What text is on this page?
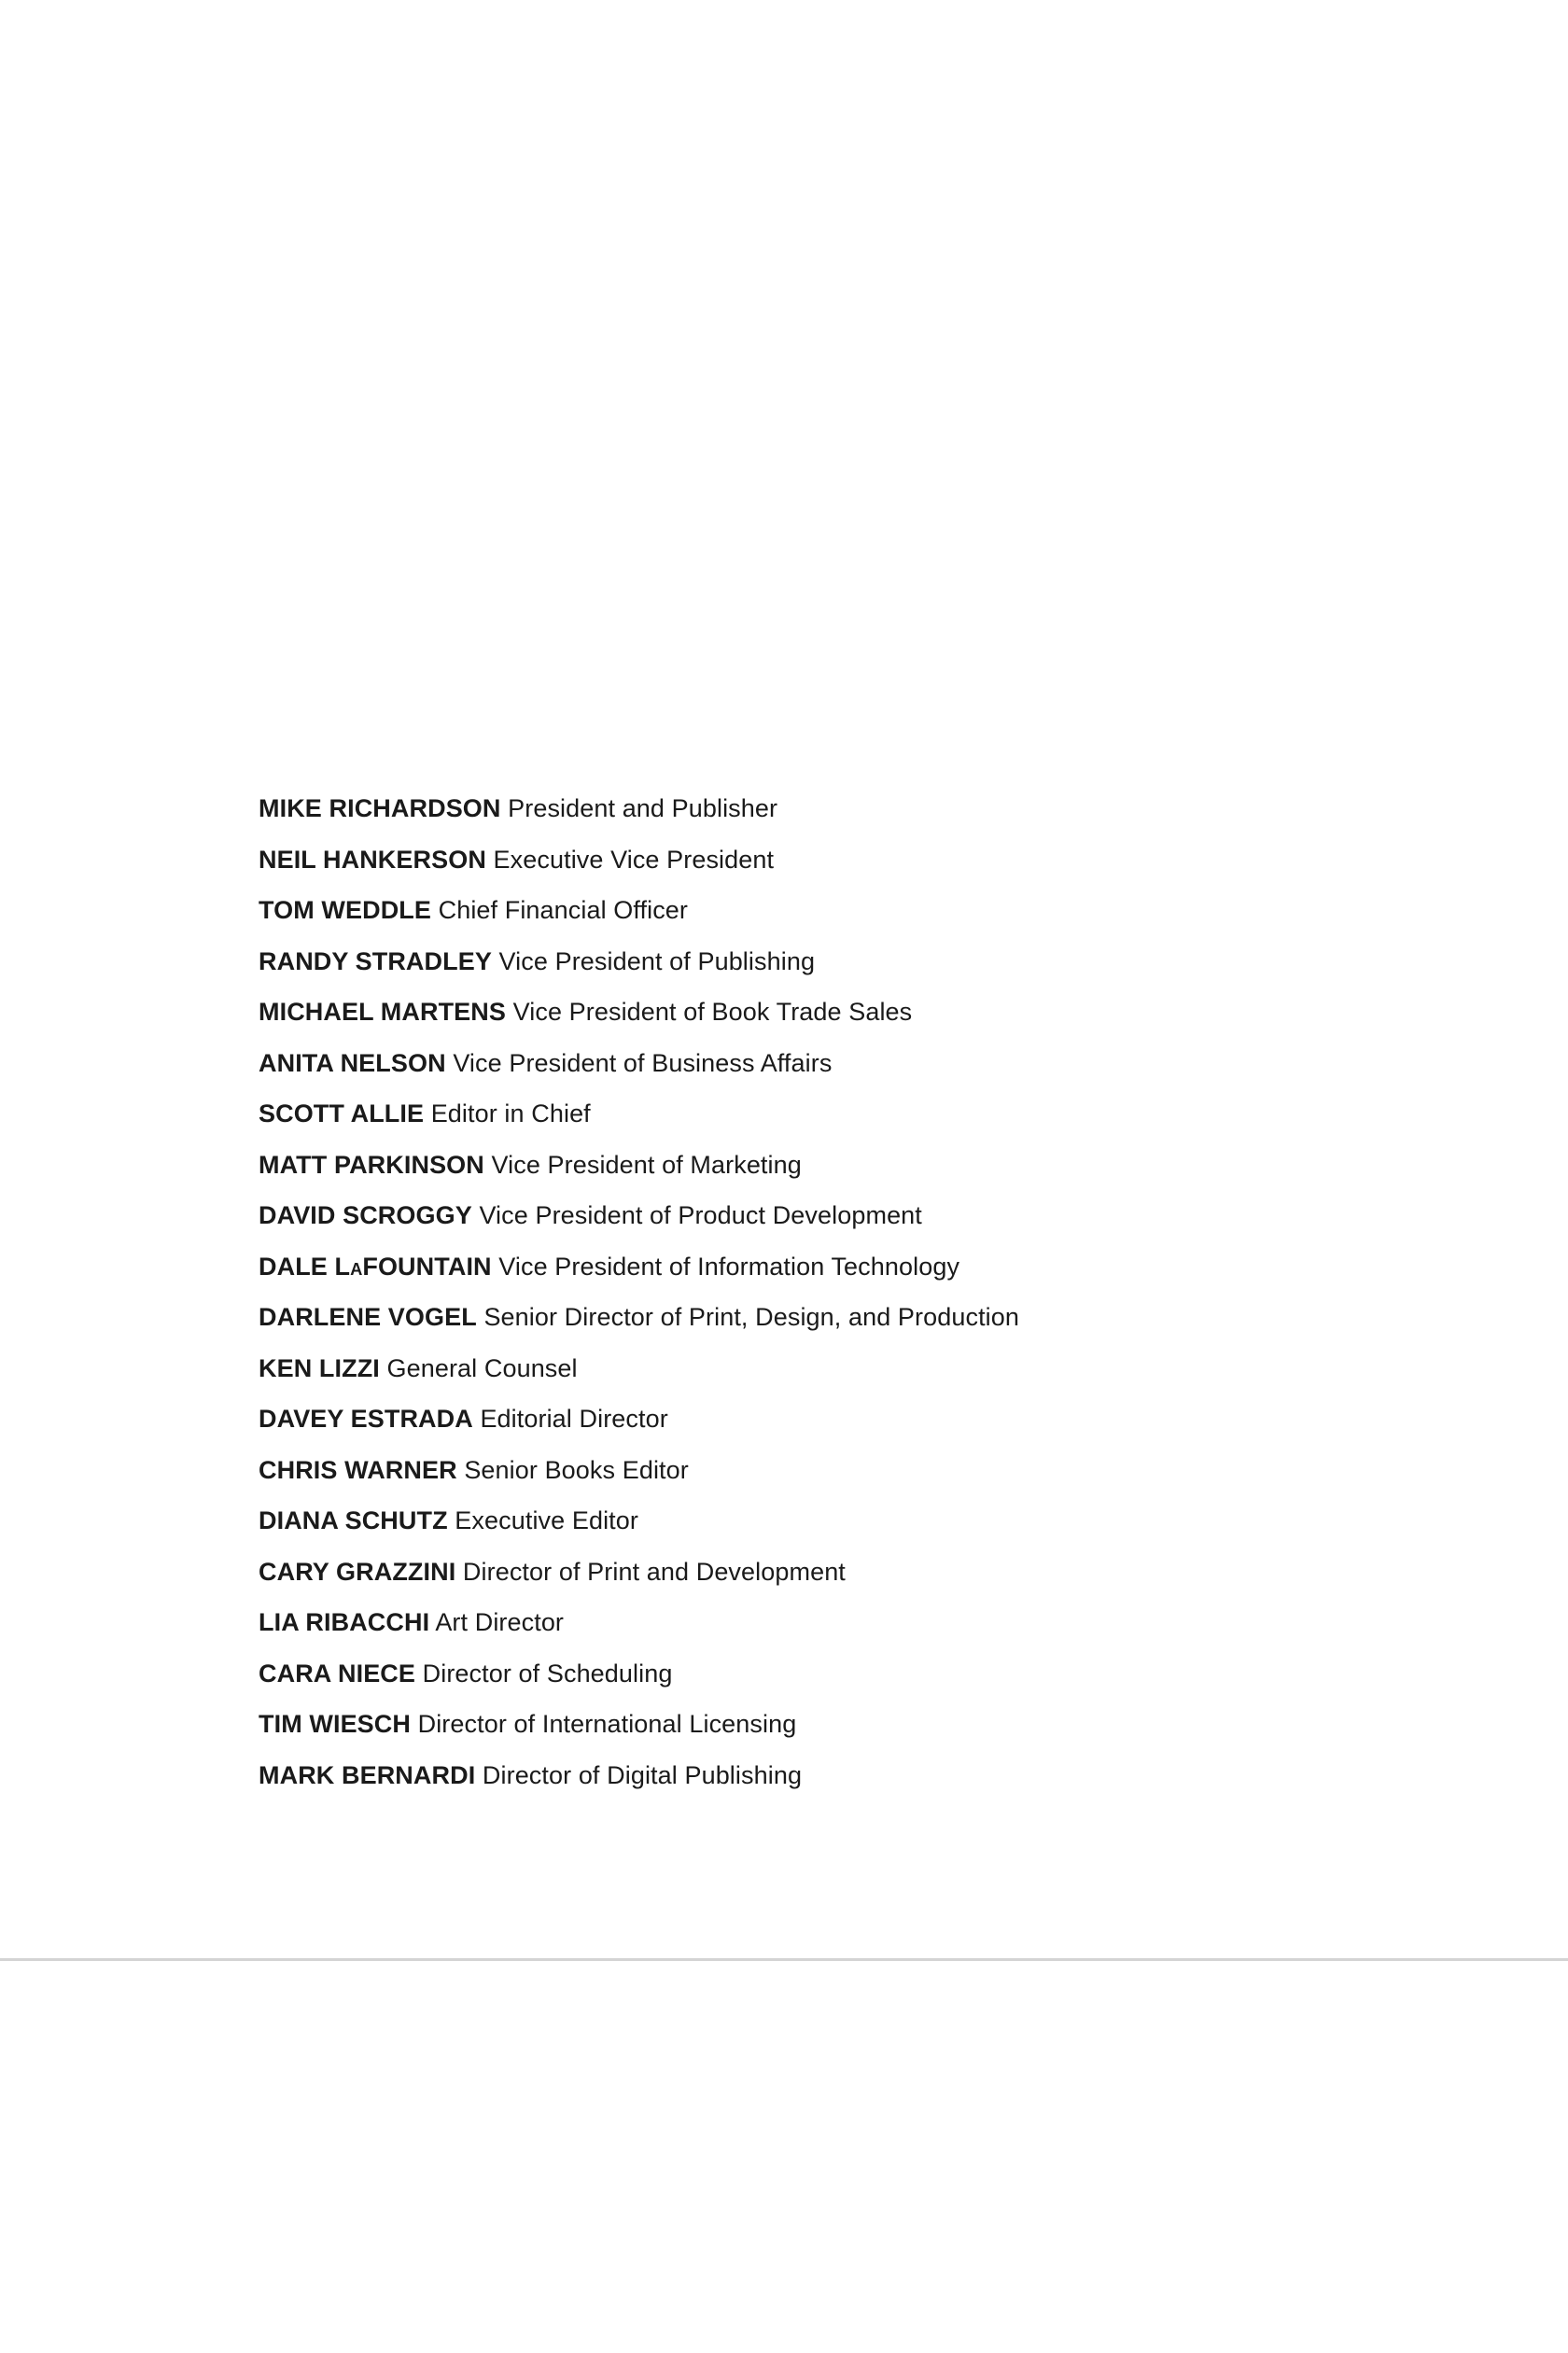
MIKE RICHARDSON President and Publisher
NEIL HANKERSON Executive Vice President
TOM WEDDLE Chief Financial Officer
RANDY STRADLEY Vice President of Publishing
MICHAEL MARTENS Vice President of Book Trade Sales
ANITA NELSON Vice President of Business Affairs
SCOTT ALLIE Editor in Chief
MATT PARKINSON Vice President of Marketing
DAVID SCROGGY Vice President of Product Development
DALE LAFOUNTAIN Vice President of Information Technology
DARLENE VOGEL Senior Director of Print, Design, and Production
KEN LIZZI General Counsel
DAVEY ESTRADA Editorial Director
CHRIS WARNER Senior Books Editor
DIANA SCHUTZ Executive Editor
CARY GRAZZINI Director of Print and Development
LIA RIBACCHI Art Director
CARA NIECE Director of Scheduling
TIM WIESCH Director of International Licensing
MARK BERNARDI Director of Digital Publishing
